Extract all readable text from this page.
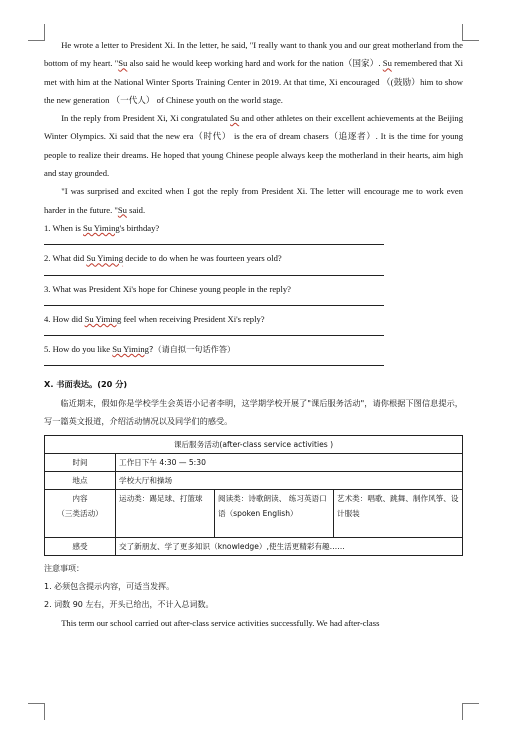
He wrote a letter to President Xi. In the letter, he said, "I really want to thank you and our great motherland from the bottom of my heart. "Su also said he would keep working hard and work for the nation（国家）. Su remembered that Xi met with him at the National Winter Sports Training Center in 2019. At that time, Xi encouraged （(鼓励）him to show the new generation （一代人） of Chinese youth on the world stage.

In the reply from President Xi, Xi congratulated Su and other athletes on their excellent achievements at the Beijing Winter Olympics. Xi said that the new era（时代） is the era of dream chasers（追逐者）. It is the time for young people to realize their dreams. He hoped that young Chinese people always keep the motherland in their hearts, aim high and stay grounded.

"I was surprised and excited when I got the reply from President Xi. The letter will encourage me to work even harder in the future. "Su said.

1. When is Su Yiming's birthday?

2. What did Su Yiming decide to do when he was fourteen years old?

3. What was President Xi's hope for Chinese young people in the reply?

4. How did Su Yiming feel when receiving President Xi's reply?

5. How do you like Su Yiming?（请自拟一句话作答）

X. 书面表达。(20 分)

临近期末，假如你是学校学生会英语小记者李明，这学期学校开展了"课后服务活动"，请你根据下图信息提示，写一篇英文报道，介绍活动情况以及同学们的感受。

课后服务活动(after-class service activities )			
时间	工作日下午 4:30 — 5:30		
地点	学校大厅和操场		
内容
（三类活动）	运动类：踢足球、打篮球	阅读类：诗歌朗读、 练习英语口语（spoken English）	艺术类：唱歌、跳舞、制作风筝、设计服装
感受	交了新朋友、学了更多知识（knowledge）,使生活更精彩有趣……		

注意事项：

1. 必须包含提示内容，可适当发挥。

2. 词数 90 左右，开头已给出，不计入总词数。

This term our school carried out after-class service activities successfully. We had after-class
